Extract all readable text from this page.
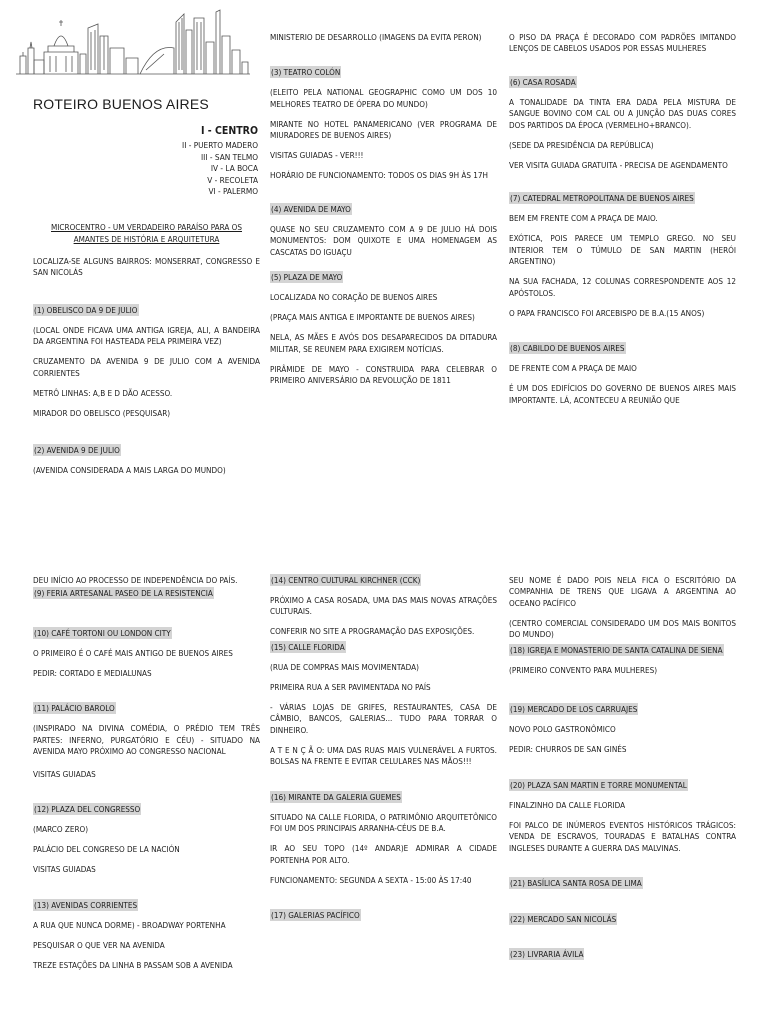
ROTEIRO BUENOS AIRES
I - CENTRO
II - PUERTO MADERO
III - SAN TELMO
IV - LA BOCA
V - RECOLETA
VI - PALERMO
MICROCENTRO - UM VERDADEIRO PARAÍSO PARA OS AMANTES DE HISTÓRIA E ARQUITETURA

LOCALIZA-SE ALGUNS BAIRROS: MONSERRAT, CONGRESSO E SAN NICOLÁS

(1) OBELISCO DA 9 DE JULIO

(LOCAL ONDE FICAVA UMA ANTIGA IGREJA, ALI, A BANDEIRA DA ARGENTINA FOI HASTEADA PELA PRIMEIRA VEZ)

CRUZAMENTO DA AVENIDA 9 DE JULIO COM A AVENIDA CORRIENTES

METRÔ LINHAS: A,B E D DÃO ACESSO.

MIRADOR DO OBELISCO (PESQUISAR)

(2) AVENIDA 9 DE JULIO

(AVENIDA CONSIDERADA A MAIS LARGA DO MUNDO)

MINISTERIO DE DESARROLLO (IMAGENS DA EVITA PERON)

(3) TEATRO COLÓN

(ELEITO PELA NATIONAL GEOGRAPHIC COMO UM DOS 10 MELHORES TEATRO DE ÓPERA DO MUNDO)

MIRANTE NO HOTEL PANAMERICANO (VER PROGRAMA DE MIURADORES DE BUENOS AIRES)

VISITAS GUIADAS - VER!!!

HORÁRIO DE FUNCIONAMENTO: TODOS OS DIAS 9H ÀS 17H

(4) AVENIDA DE MAYO

QUASE NO SEU CRUZAMENTO COM A 9 DE JULIO HÁ DOIS MONUMENTOS: DOM QUIXOTE E UMA HOMENAGEM AS CASCATAS DO IGUAÇU

(5) PLAZA DE MAYO

LOCALIZADA NO CORAÇÃO DE BUENOS AIRES

(PRAÇA MAIS ANTIGA E IMPORTANTE DE BUENOS AIRES)

NELA, AS MÃES E AVÓS DOS DESAPARECIDOS DA DITADURA MILITAR, SE REUNEM PARA EXIGIREM NOTÍCIAS.

PIRÂMIDE DE MAYO - CONSTRUIDA PARA CELEBRAR O PRIMEIRO ANIVERSÁRIO DA REVOLUÇÃO DE 1811

O PISO DA PRAÇA É DECORADO COM PADRÕES IMITANDO LENÇOS DE CABELOS USADOS POR ESSAS MULHERES

(6) CASA ROSADA

A TONALIDADE DA TINTA ERA DADA PELA MISTURA DE SANGUE BOVINO COM CAL OU A JUNÇÃO DAS DUAS CORES DOS PARTIDOS DA ÉPOCA (VERMELHO+BRANCO).

(SEDE DA PRESIDÊNCIA DA REPÚBLICA)

VER VISITA GUIADA GRATUITA - PRECISA DE AGENDAMENTO

(7) CATEDRAL METROPOLITANA DE BUENOS AIRES

BEM EM FRENTE COM A PRAÇA DE MAIO.

EXÓTICA, POIS PARECE UM TEMPLO GREGO. NO SEU INTERIOR TEM O TÚMULO DE SAN MARTIN (HERÓI ARGENTINO)

NA SUA FACHADA, 12 COLUNAS CORRESPONDENTE AOS 12 APÓSTOLOS.

O PAPA FRANCISCO FOI ARCEBISPO DE B.A.(15 ANOS)

(8) CABILDO DE BUENOS AIRES

DE FRENTE COM A PRAÇA DE MAIO

É UM DOS EDIFÍCIOS DO GOVERNO DE BUENOS AIRES MAIS IMPORTANTE. LÁ, ACONTECEU A REUNIÃO QUE

DEU INÍCIO AO PROCESSO DE INDEPENDÊNCIA DO PAÍS.

(9) FERIA ARTESANAL PASEO DE LA RESISTENCIA

(10) CAFÉ TORTONI OU LONDON CITY

O PRIMEIRO É O CAFÉ MAIS ANTIGO DE BUENOS AIRES

PEDIR: CORTADO E MEDIALUNAS

(11) PALÁCIO BAROLO

(INSPIRADO NA DIVINA COMÉDIA, O PRÉDIO TEM TRÊS PARTES: INFERNO, PURGATÓRIO E CÉU) - SITUADO NA AVENIDA MAYO PRÓXIMO AO CONGRESSO NACIONAL

VISITAS GUIADAS

(12) PLAZA DEL CONGRESSO

(MARCO ZERO)

PALÁCIO DEL CONGRESO DE LA NACIÓN

VISITAS GUIADAS

(13) AVENIDAS CORRIENTES

A RUA QUE NUNCA DORME) - BROADWAY PORTENHA

PESQUISAR O QUE VER NA AVENIDA

TREZE ESTAÇÕES DA LINHA B PASSAM SOB A AVENIDA

(14) CENTRO CULTURAL KIRCHNER (CCK)

PRÓXIMO A CASA ROSADA, UMA DAS MAIS NOVAS ATRAÇÕES CULTURAIS.

CONFERIR NO SITE A PROGRAMAÇÃO DAS EXPOSIÇÕES.

(15) CALLE FLORIDA

(RUA DE COMPRAS MAIS MOVIMENTADA)

PRIMEIRA RUA A SER PAVIMENTADA NO PAÍS

- VÁRIAS LOJAS DE GRIFES, RESTAURANTES, CASA DE CÂMBIO, BANCOS, GALERIAS... TUDO PARA TORRAR O DINHEIRO.

A T E N Ç Ã O: UMA DAS RUAS MAIS VULNERÁVEL A FURTOS. BOLSAS NA FRENTE E EVITAR CELULARES NAS MÃOS!!!

(16) MIRANTE DA GALERIA GUEMES

SITUADO NA CALLE FLORIDA, O PATRIMÔNIO ARQUITETÔNICO FOI UM DOS PRINCIPAIS ARRANHA-CÉUS DE B.A.

IR AO SEU TOPO (14º ANDAR)E ADMIRAR A CIDADE PORTENHA POR ALTO.

FUNCIONAMENTO: SEGUNDA A SEXTA - 15:00 ÀS 17:40

(17) GALERIAS PACÍFICO

SEU NOME É DADO POIS NELA FICA O ESCRITÓRIO DA COMPANHIA DE TRENS QUE LIGAVA A ARGENTINA AO OCEANO PACÍFICO

(CENTRO COMERCIAL CONSIDERADO UM DOS MAIS BONITOS DO MUNDO)

(18) IGREJA E MONASTERIO DE SANTA CATALINA DE SIENA

(PRIMEIRO CONVENTO PARA MULHERES)

(19) MERCADO DE LOS CARRUAJES

NOVO POLO GASTRONÔMICO

PEDIR: CHURROS DE SAN GINÉS

(20) PLAZA SAN MARTIN E TORRE MONUMENTAL

FINALZINHO DA CALLE FLORIDA

FOI PALCO DE INÚMEROS EVENTOS HISTÓRICOS TRÁGICOS: VENDA DE ESCRAVOS, TOURADAS E BATALHAS CONTRA INGLESES DURANTE A GUERRA DAS MALVINAS.

(21) BASÍLICA SANTA ROSA DE LIMA

(22) MERCADO SAN NICOLÁS

(23) LIVRARIA ÁVILA
